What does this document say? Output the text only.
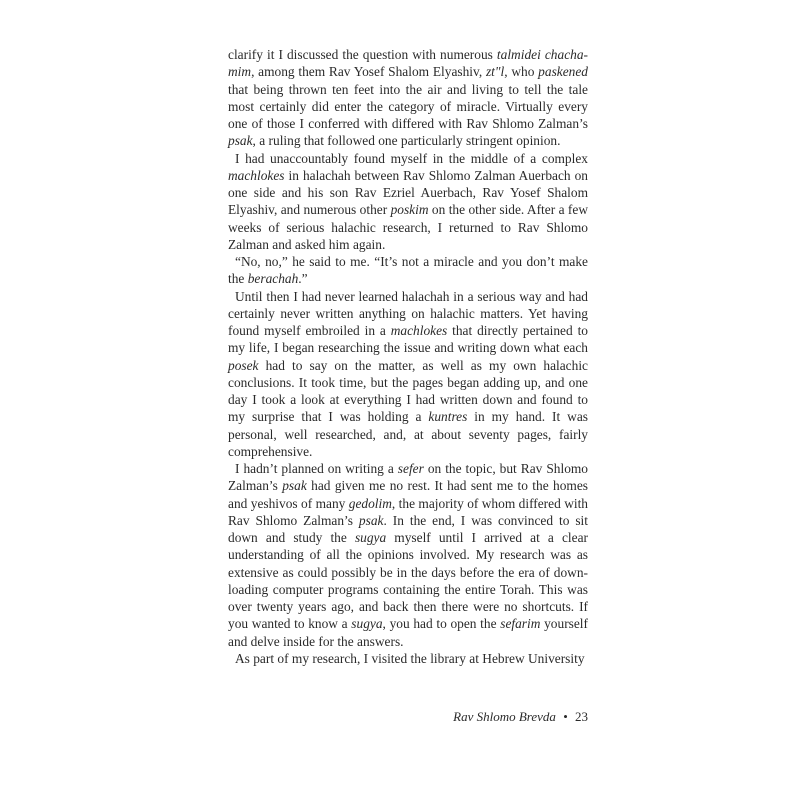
clarify it I discussed the question with numerous talmidei chachamim, among them Rav Yosef Shalom Elyashiv, zt"l, who paskened that being thrown ten feet into the air and living to tell the tale most certainly did enter the category of miracle. Virtually every one of those I conferred with differed with Rav Shlomo Zalman’s psak, a ruling that followed one particularly stringent opinion.

I had unaccountably found myself in the middle of a complex machlokes in halachah between Rav Shlomo Zalman Auerbach on one side and his son Rav Ezriel Auerbach, Rav Yosef Shalom Elyashiv, and numerous other poskim on the other side. After a few weeks of serious halachic research, I returned to Rav Shlomo Zalman and asked him again.

“No, no,” he said to me. “It’s not a miracle and you don’t make the berachah.”

Until then I had never learned halachah in a serious way and had certainly never written anything on halachic matters. Yet having found myself embroiled in a machlokes that directly pertained to my life, I began researching the issue and writing down what each posek had to say on the matter, as well as my own halachic conclusions. It took time, but the pages began adding up, and one day I took a look at everything I had written down and found to my surprise that I was holding a kuntres in my hand. It was personal, well researched, and, at about seventy pages, fairly comprehensive.

I hadn’t planned on writing a sefer on the topic, but Rav Shlomo Zalman’s psak had given me no rest. It had sent me to the homes and yeshivos of many gedolim, the majority of whom differed with Rav Shlomo Zalman’s psak. In the end, I was convinced to sit down and study the sugya myself until I arrived at a clear understanding of all the opinions involved. My research was as extensive as could possibly be in the days before the era of downloading computer programs containing the entire Torah. This was over twenty years ago, and back then there were no shortcuts. If you wanted to know a sugya, you had to open the sefarim yourself and delve inside for the answers.

As part of my research, I visited the library at Hebrew University

Rav Shlomo Brevda • 23
